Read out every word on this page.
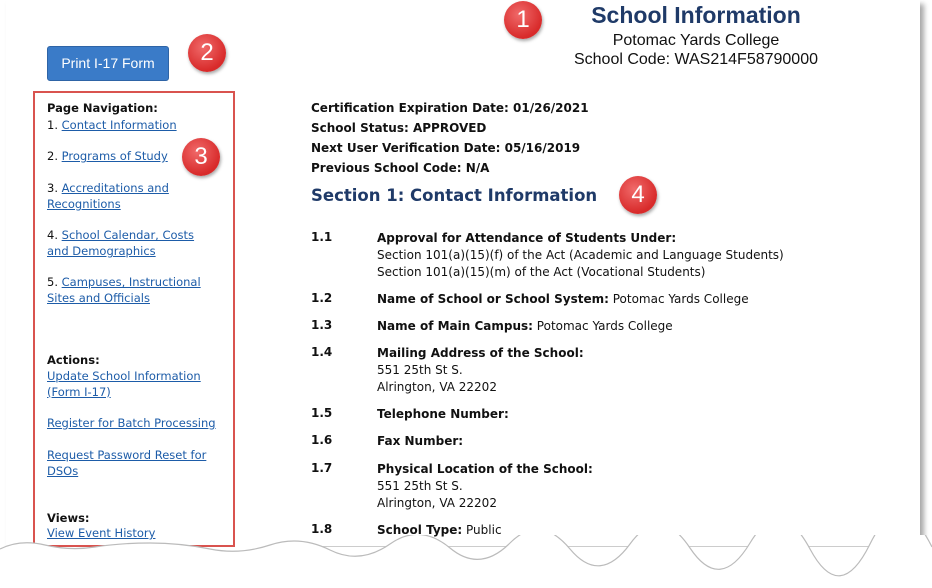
School Information
Potomac Yards College
School Code: WAS214F58790000
1
2
3
4
Print I-17 Form
Page Navigation:
1. Contact Information
2. Programs of Study
3. Accreditations and Recognitions
4. School Calendar, Costs and Demographics
5. Campuses, Instructional Sites and Officials
Actions:
Update School Information (Form I-17)
Register for Batch Processing
Request Password Reset for DSOs
Views:
View Event History
Certification Expiration Date: 01/26/2021
School Status: APPROVED
Next User Verification Date: 05/16/2019
Previous School Code: N/A
Section 1: Contact Information
1.1	Approval for Attendance of Students Under:
Section 101(a)(15)(f) of the Act (Academic and Language Students)
Section 101(a)(15)(m) of the Act (Vocational Students)
1.2	Name of School or School System: Potomac Yards College
1.3	Name of Main Campus: Potomac Yards College
1.4	Mailing Address of the School:
551 25th St S.
Alrington, VA 22202
1.5	Telephone Number:
1.6	Fax Number:
1.7	Physical Location of the School:
551 25th St S.
Alrington, VA 22202
1.8	School Type: Public
